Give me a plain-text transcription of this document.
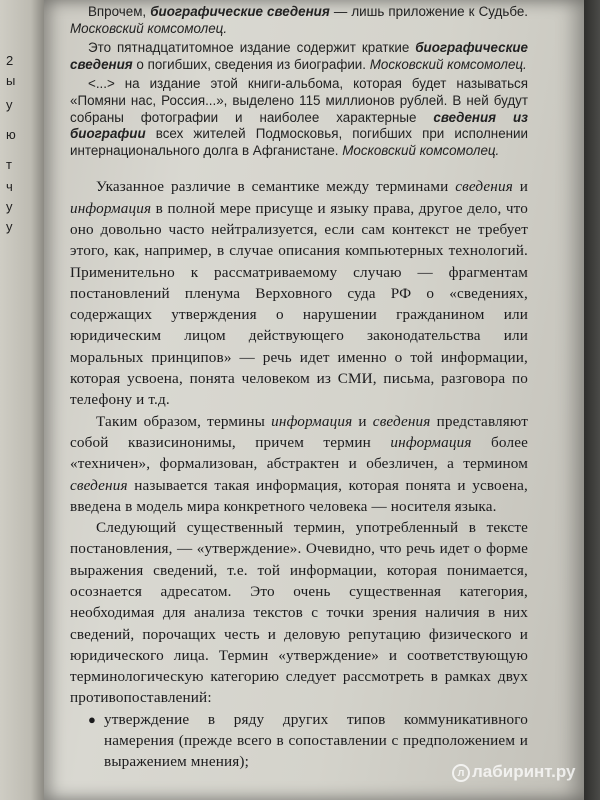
2
ы
у
ю
т
ч
у
у

Впрочем, биографические сведения — лишь приложение к Судьбе. Московский комсомолец.

Это пятнадцатитомное издание содержит краткие биографические сведения о погибших, сведения из биографии. Московский комсомолец.

<...> на издание этой книги-альбома, которая будет называться «Помяни нас, Россия...», выделено 115 миллионов рублей. В ней будут собраны фотографии и наиболее характерные сведения из биографии всех жителей Подмосковья, погибших при исполнении интернационального долга в Афганистане. Московский комсомолец.

Указанное различие в семантике между терминами сведения и информация в полной мере присуще и языку права, другое дело, что оно довольно часто нейтрализуется, если сам контекст не требует этого, как, например, в случае описания компьютерных технологий. Применительно к рассматриваемому случаю — фрагментам постановлений пленума Верховного суда РФ о «сведениях, содержащих утверждения о нарушении гражданином или юридическим лицом действующего законодательства или моральных принципов» — речь идет именно о той информации, которая усвоена, понята человеком из СМИ, письма, разговора по телефону и т.д.

Таким образом, термины информация и сведения представляют собой квазисинонимы, причем термин информация более «техничен», формализован, абстрактен и обезличен, а термином сведения называется такая информация, которая понята и усвоена, введена в модель мира конкретного человека — носителя языка.

Следующий существенный термин, употребленный в тексте постановления, — «утверждение». Очевидно, что речь идет о форме выражения сведений, т.е. той информации, которая понимается, осознается адресатом. Это очень существенная категория, необходимая для анализа текстов с точки зрения наличия в них сведений, порочащих честь и деловую репутацию физического и юридического лица. Термин «утверждение» и соответствующую терминологическую категорию следует рассмотреть в рамках двух противопоставлений:

● утверждение в ряду других типов коммуникативного намерения (прежде всего в сопоставлении с предположением и выражением мнения);
л лабиринт.ру
